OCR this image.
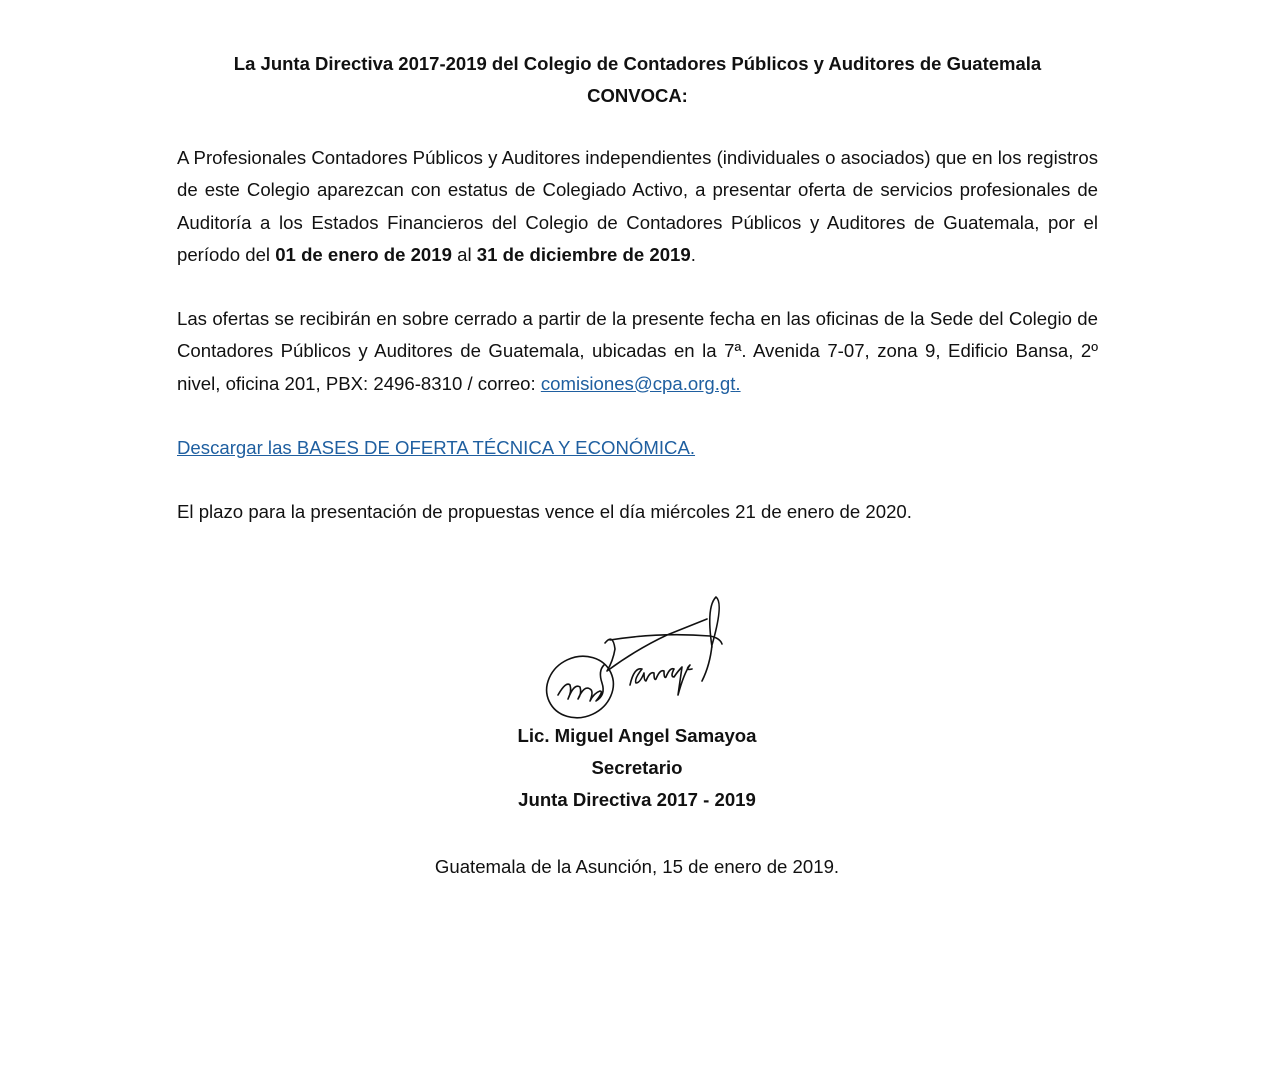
La Junta Directiva 2017-2019 del Colegio de Contadores Públicos y Auditores de Guatemala
CONVOCA:
A Profesionales Contadores Públicos y Auditores independientes (individuales o asociados) que en los registros de este Colegio aparezcan con estatus de Colegiado Activo, a presentar oferta de servicios profesionales de Auditoría a los Estados Financieros del Colegio de Contadores Públicos y Auditores de Guatemala, por el período del 01 de enero de 2019 al 31 de diciembre de 2019.
Las ofertas se recibirán en sobre cerrado a partir de la presente fecha en las oficinas de la Sede del Colegio de Contadores Públicos y Auditores de Guatemala, ubicadas en la 7ª. Avenida 7-07, zona 9, Edificio Bansa, 2º nivel, oficina 201, PBX: 2496-8310 / correo: comisiones@cpa.org.gt.
Descargar las BASES DE OFERTA TÉCNICA Y ECONÓMICA.
El plazo para la presentación de propuestas vence el día miércoles 21 de enero de 2020.
Lic. Miguel Angel Samayoa
Secretario
Junta Directiva 2017 - 2019
Guatemala de la Asunción, 15 de enero de 2019.
